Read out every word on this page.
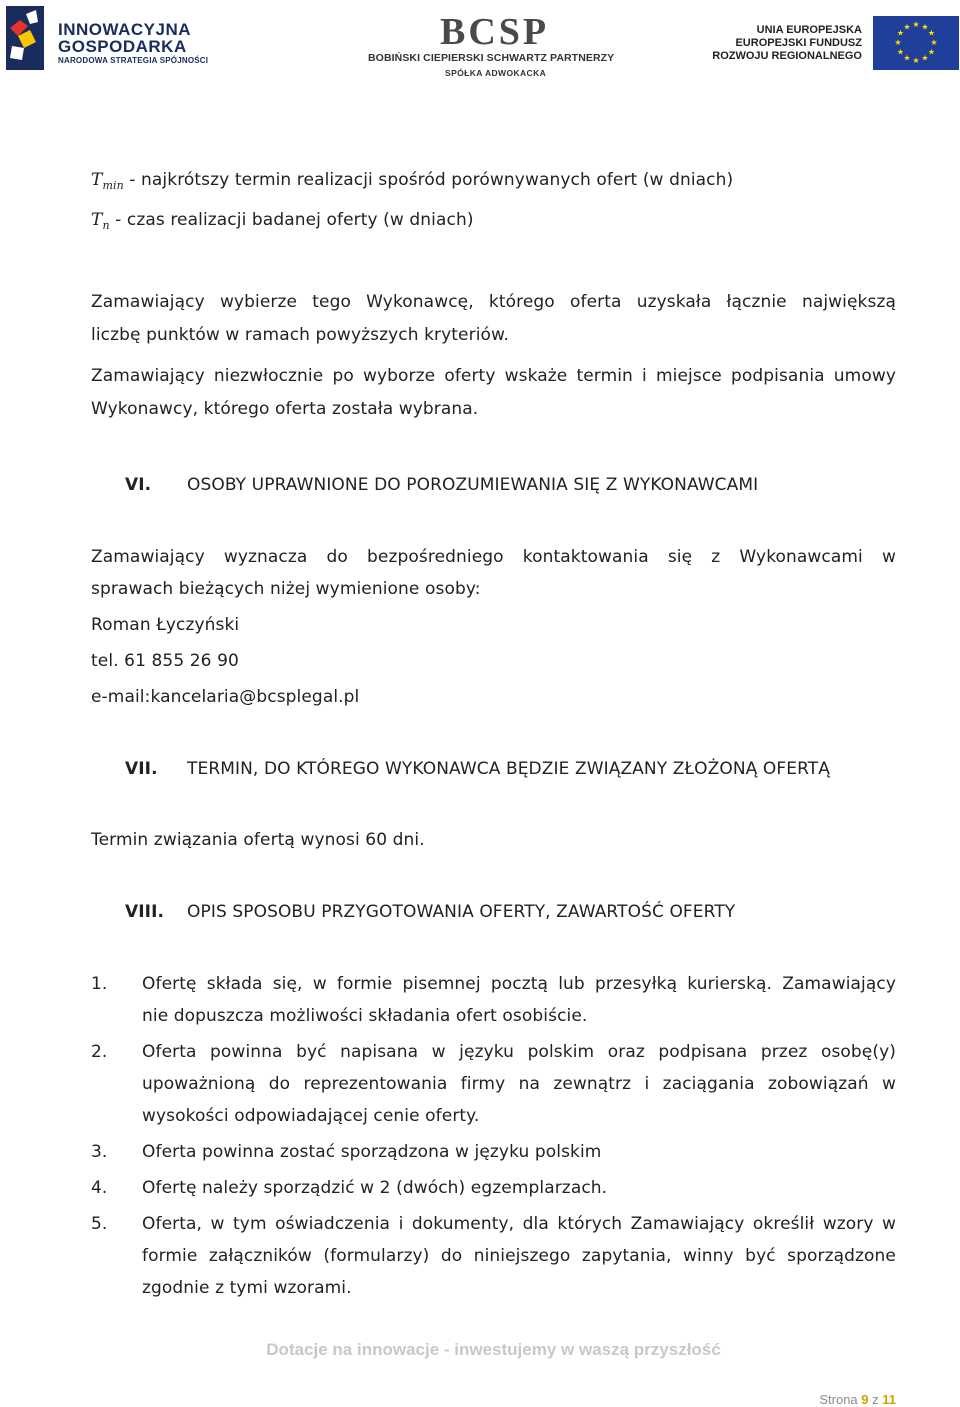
INNOWACYJNA
GOSPODARKA
NARODOWA STRATEGIA SPÓJNOŚCI
BCSP
BOBIŃSKI CIEPIERSKI SCHWARTZ PARTNERZY
SPÓŁKA ADWOKACKA
UNIA EUROPEJSKA
EUROPEJSKI FUNDUSZ
ROZWOJU REGIONALNEGO
★ ★
★
★
★
★
★
★
★
★
★
★
$T_{min}$ - najkrótszy termin realizacji spośród porównywanych ofert (w dniach)
$T_n$ - czas realizacji badanej oferty (w dniach)
Zamawiający wybierze tego Wykonawcę, którego oferta uzyskała łącznie największą
liczbę punktów w ramach powyższych kryteriów.
Zamawiający niezwłocznie po wyborze oferty wskaże termin i miejsce podpisania umowy
Wykonawcy, którego oferta została wybrana.
VI. OSOBY UPRAWNIONE DO POROZUMIEWANIA SIĘ Z WYKONAWCAMI
Zamawiający wyznacza do bezpośredniego kontaktowania się z Wykonawcami w
sprawach bieżących niżej wymienione osoby:
Roman Łyczyński
tel. 61 855 26 90
e-mail:kancelaria@bcsplegal.pl
VII. TERMIN, DO KTÓREGO WYKONAWCA BĘDZIE ZWIĄZANY ZŁOŻONĄ OFERTĄ
Termin związania ofertą wynosi 60 dni.
VIII. OPIS SPOSOBU PRZYGOTOWANIA OFERTY, ZAWARTOŚĆ OFERTY
1. Ofertę składa się, w formie pisemnej pocztą lub przesyłką kurierską. Zamawiający
nie dopuszcza możliwości składania ofert osobiście.
2. Oferta powinna być napisana w języku polskim oraz podpisana przez osobę(y)
upoważnioną do reprezentowania firmy na zewnątrz i zaciągania zobowiązań w
wysokości odpowiadającej cenie oferty.
3. Oferta powinna zostać sporządzona w języku polskim
4. Ofertę należy sporządzić w 2 (dwóch) egzemplarzach.
5. Oferta, w tym oświadczenia i dokumenty, dla których Zamawiający określił wzory w
formie załączników (formularzy) do niniejszego zapytania, winny być sporządzone
zgodnie z tymi wzorami.
Dotacje na innowacje - inwestujemy w waszą przyszłość
Strona 9 z 11
